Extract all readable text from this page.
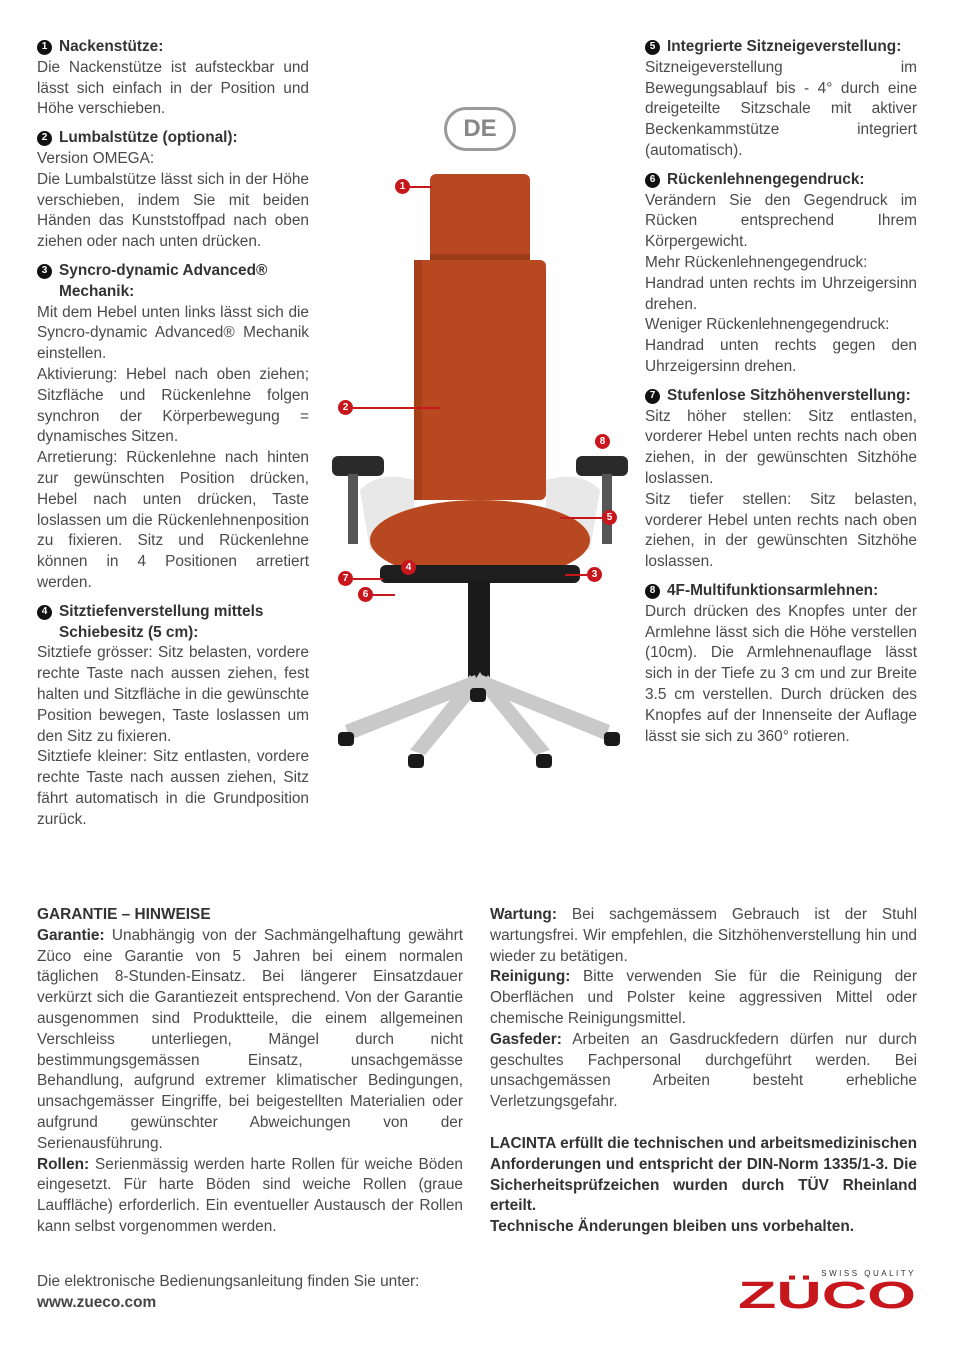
1 Nackenstütze:

Die Nackenstütze ist aufsteckbar und lässt sich einfach in der Position und Höhe verschieben.

2 Lumbalstütze (optional):

Version OMEGA:

Die Lumbalstütze lässt sich in der Höhe verschieben, indem Sie mit beiden Händen das Kunststoffpad nach oben ziehen oder nach unten drücken.

3 Syncro-dynamic Advanced® Mechanik:

Mit dem Hebel unten links lässt sich die Syncro-dynamic Advanced® Mechanik einstellen.

Aktivierung: Hebel nach oben ziehen; Sitzfläche und Rückenlehne folgen synchron der Körperbewegung = dynamisches Sitzen.

Arretierung: Rückenlehne nach hinten zur gewünschten Position drücken, Hebel nach unten drücken, Taste loslassen um die Rückenlehnenposition zu fixieren. Sitz und Rückenlehne können in 4 Positionen arretiert werden.

4 Sitztiefenverstellung mittels Schiebesitz (5 cm):

Sitztiefe grösser: Sitz belasten, vordere rechte Taste nach aussen ziehen, fest halten und Sitzfläche in die gewünschte Position bewegen, Taste loslassen um den Sitz zu fixieren.

Sitztiefe kleiner: Sitz entlasten, vordere rechte Taste nach aussen ziehen, Sitz fährt automatisch in die Grundposition zurück.

5 Integrierte Sitzneigeverstellung:

Sitzneigeverstellung im Bewegungsablauf bis - 4° durch eine dreigeteilte Sitzschale mit aktiver Beckenkammstütze integriert (automatisch).

6 Rückenlehnengegendruck:

Verändern Sie den Gegendruck im Rücken entsprechend Ihrem Körpergewicht.

Mehr Rückenlehnengegendruck:

Handrad unten rechts im Uhrzeigersinn drehen.

Weniger Rückenlehnengegendruck:

Handrad unten rechts gegen den Uhrzeigersinn drehen.

7 Stufenlose Sitzhöhenverstellung:

Sitz höher stellen: Sitz entlasten, vorderer Hebel unten rechts nach oben ziehen, in der gewünschten Sitzhöhe loslassen.

Sitz tiefer stellen: Sitz belasten, vorderer Hebel unten rechts nach oben ziehen, in der gewünschten Sitzhöhe loslassen.

8 4F-Multifunktionsarmlehnen:

Durch drücken des Knopfes unter der Armlehne lässt sich die Höhe verstellen (10cm). Die Armlehnenauflage lässt sich in der Tiefe zu 3 cm und zur Breite 3.5 cm verstellen. Durch drücken des Knopfes auf der Innenseite der Auflage lässt sie sich zu 360° rotieren.

DE
1
2
3
4
5
6
7
8
GARANTIE – HINWEISE

Garantie: Unabhängig von der Sachmängelhaftung gewährt Züco eine Garantie von 5 Jahren bei einem normalen täglichen 8-Stunden-Einsatz. Bei längerer Einsatzdauer verkürzt sich die Garantiezeit entsprechend. Von der Garantie ausgenommen sind Produktteile, die einem allgemeinen Verschleiss unterliegen, Mängel durch nicht bestimmungsgemässen Einsatz, unsachgemässe Behandlung, aufgrund extremer klimatischer Bedingungen, unsachgemässer Eingriffe, bei beigestellten Materialien oder aufgrund gewünschter Abweichungen von der Serienausführung.

Rollen: Serienmässig werden harte Rollen für weiche Böden eingesetzt. Für harte Böden sind weiche Rollen (graue Lauffläche) erforderlich. Ein eventueller Austausch der Rollen kann selbst vorgenommen werden.

Wartung: Bei sachgemässem Gebrauch ist der Stuhl wartungsfrei. Wir empfehlen, die Sitzhöhenverstellung hin und wieder zu betätigen.

Reinigung: Bitte verwenden Sie für die Reinigung der Oberflächen und Polster keine aggressiven Mittel oder chemische Reinigungsmittel.

Gasfeder: Arbeiten an Gasdruckfedern dürfen nur durch geschultes Fachpersonal durchgeführt werden. Bei unsachgemässen Arbeiten besteht erhebliche Verletzungsgefahr.

LACINTA erfüllt die technischen und arbeitsmedizinischen Anforderungen und entspricht der DIN-Norm 1335/1-3. Die Sicherheitsprüfzeichen wurden durch TÜV Rheinland erteilt.

Technische Änderungen bleiben uns vorbehalten.

Die elektronische Bedienungsanleitung finden Sie unter:
www.zueco.com
SWISS QUALITY
ZÜCO
